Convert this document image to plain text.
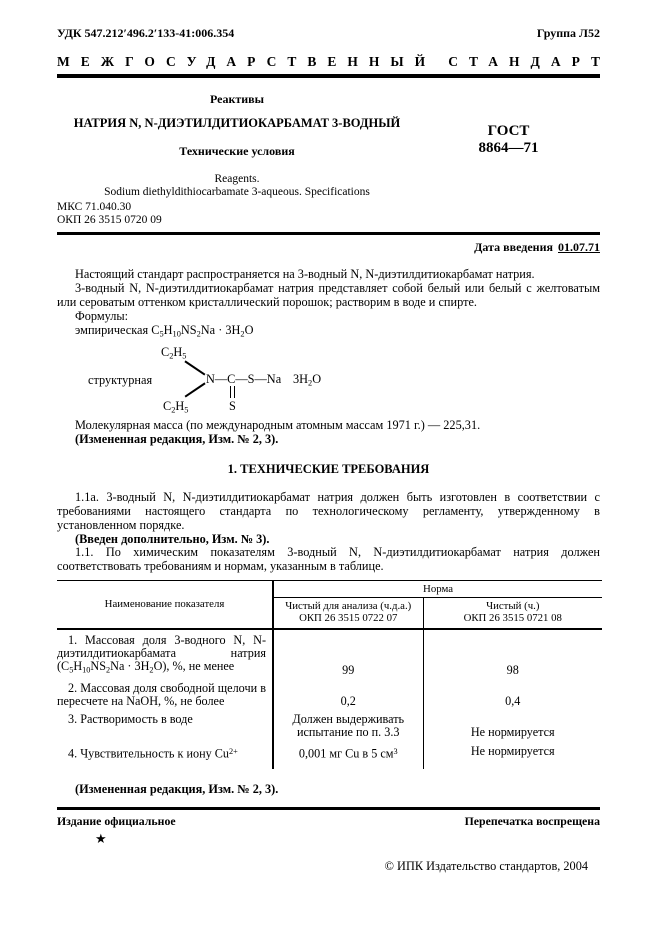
УДК 547.212′496.2′133-41:006.354	Группа Л52
МЕЖГОСУДАРСТВЕННЫЙ СТАНДАРТ
Реактивы
НАТРИЯ N, N-ДИЭТИЛДИТИОКАРБАМАТ 3-ВОДНЫЙ
Технические условия
Reagents.
Sodium diethyldithiocarbamate 3-aqueous. Specifications
ГОСТ
8864—71
МКС 71.040.30
ОКП 26 3515 0720 09
Дата введения 01.07.71
Настоящий стандарт распространяется на 3-водный N, N-диэтилдитиокарбамат натрия.
3-водный N, N-диэтилдитиокарбамат натрия представляет собой белый или белый с желтоватым или сероватым оттенком кристаллический порошок; растворим в воде и спирте.
Формулы:
эмпирическая $C_5H_{10}NS_2Na \cdot 3H_2O$
структурная
$C_2H_5$
$C_2H_5$
N—C—S—Na $3H_2O$
S
Молекулярная масса (по международным атомным массам 1971 г.) — 225,31.
(Измененная редакция, Изм. № 2, 3).
1. ТЕХНИЧЕСКИЕ ТРЕБОВАНИЯ
1.1а. 3-водный N, N-диэтилдитиокарбамат натрия должен быть изготовлен в соответствии с требованиями настоящего стандарта по технологическому регламенту, утвержденному в установленном порядке.
(Введен дополнительно, Изм. № 3).
1.1. По химическим показателям 3-водный N, N-диэтилдитиокарбамат натрия должен соответствовать требованиям и нормам, указанным в таблице.
Наименование показателя	Норма	

Чистый для анализа (ч.д.а.)
ОКП 26 3515 0722 07

Чистый (ч.)
ОКП 26 3515 0721 08

1. Массовая доля 3-водного N, N-диэтилдитиокарбамата натрия $(C_5H_{10}NS_2Na \cdot 3H_2O)$, %, не менее	99	98
2. Массовая доля свободной щелочи в пересчете на NaOH, %, не более	0,2	0,4
3. Растворимость в воде	Должен выдерживать испытание по п. 3.3	Не нормируется
4. Чувствительность к иону $Cu^{2+}$	0,001 мг Cu в 5 $см^3$	Не нормируется
(Измененная редакция, Изм. № 2, 3).
Издание официальное	Перепечатка воспрещена
★
© ИПК Издательство стандартов, 2004
